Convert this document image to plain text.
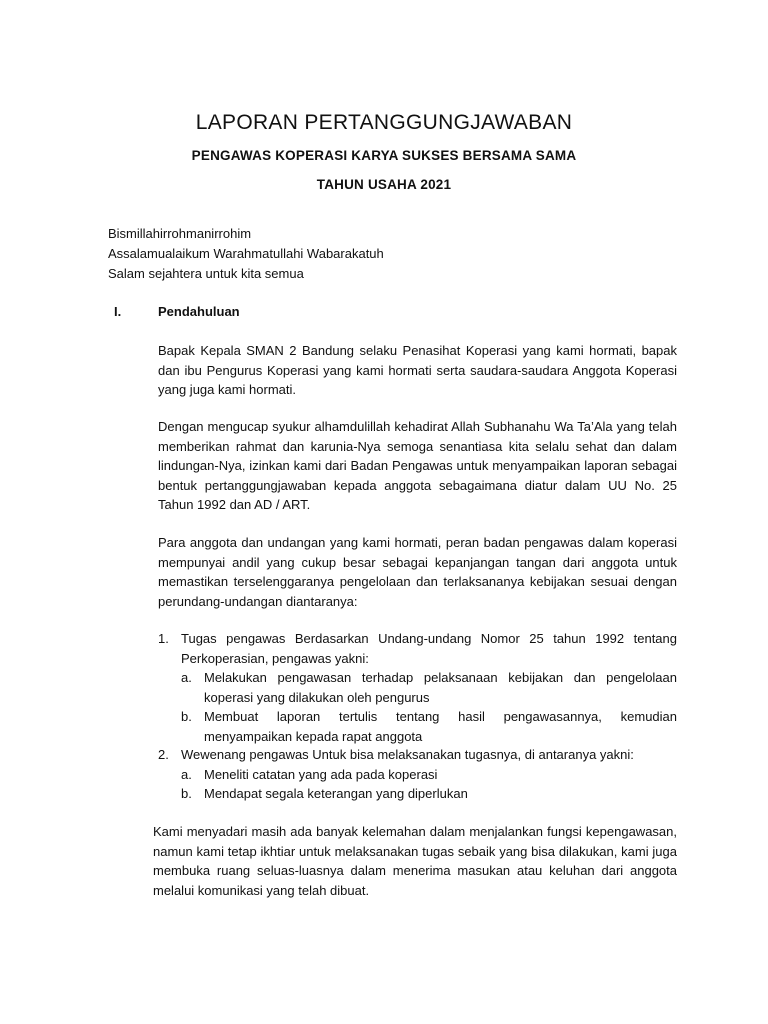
LAPORAN PERTANGGUNGJAWABAN
PENGAWAS KOPERASI KARYA SUKSES BERSAMA SAMA
TAHUN USAHA 2021
Bismillahirrohmanirrohim
Assalamualaikum Warahmatullahi Wabarakatuh
Salam sejahtera untuk kita semua
I.	Pendahuluan
Bapak Kepala SMAN 2 Bandung selaku Penasihat Koperasi yang kami hormati, bapak dan ibu Pengurus Koperasi yang kami hormati serta saudara-saudara Anggota Koperasi yang juga kami hormati.
Dengan mengucap syukur alhamdulillah kehadirat Allah Subhanahu Wa Ta’Ala yang telah memberikan rahmat dan karunia-Nya semoga senantiasa kita selalu sehat dan dalam lindungan-Nya, izinkan kami dari Badan Pengawas untuk menyampaikan laporan sebagai bentuk pertanggungjawaban kepada anggota sebagaimana diatur dalam UU No. 25 Tahun 1992 dan AD / ART.
Para anggota dan undangan yang kami hormati, peran badan pengawas dalam koperasi mempunyai andil yang cukup besar sebagai kepanjangan tangan dari anggota untuk memastikan terselenggaranya pengelolaan dan terlaksananya kebijakan sesuai dengan perundang-undangan diantaranya:
1. Tugas pengawas Berdasarkan Undang-undang Nomor 25 tahun 1992 tentang Perkoperasian, pengawas yakni:
a. Melakukan pengawasan terhadap pelaksanaan kebijakan dan pengelolaan koperasi yang dilakukan oleh pengurus
b. Membuat laporan tertulis tentang hasil pengawasannya, kemudian menyampaikan kepada rapat anggota
2. Wewenang pengawas Untuk bisa melaksanakan tugasnya, di antaranya yakni:
a. Meneliti catatan yang ada pada koperasi
b. Mendapat segala keterangan yang diperlukan
Kami menyadari masih ada banyak kelemahan dalam menjalankan fungsi kepengawasan, namun kami tetap ikhtiar untuk melaksanakan tugas sebaik yang bisa dilakukan, kami juga membuka ruang seluas-luasnya dalam menerima masukan atau keluhan dari anggota melalui komunikasi yang telah dibuat.
